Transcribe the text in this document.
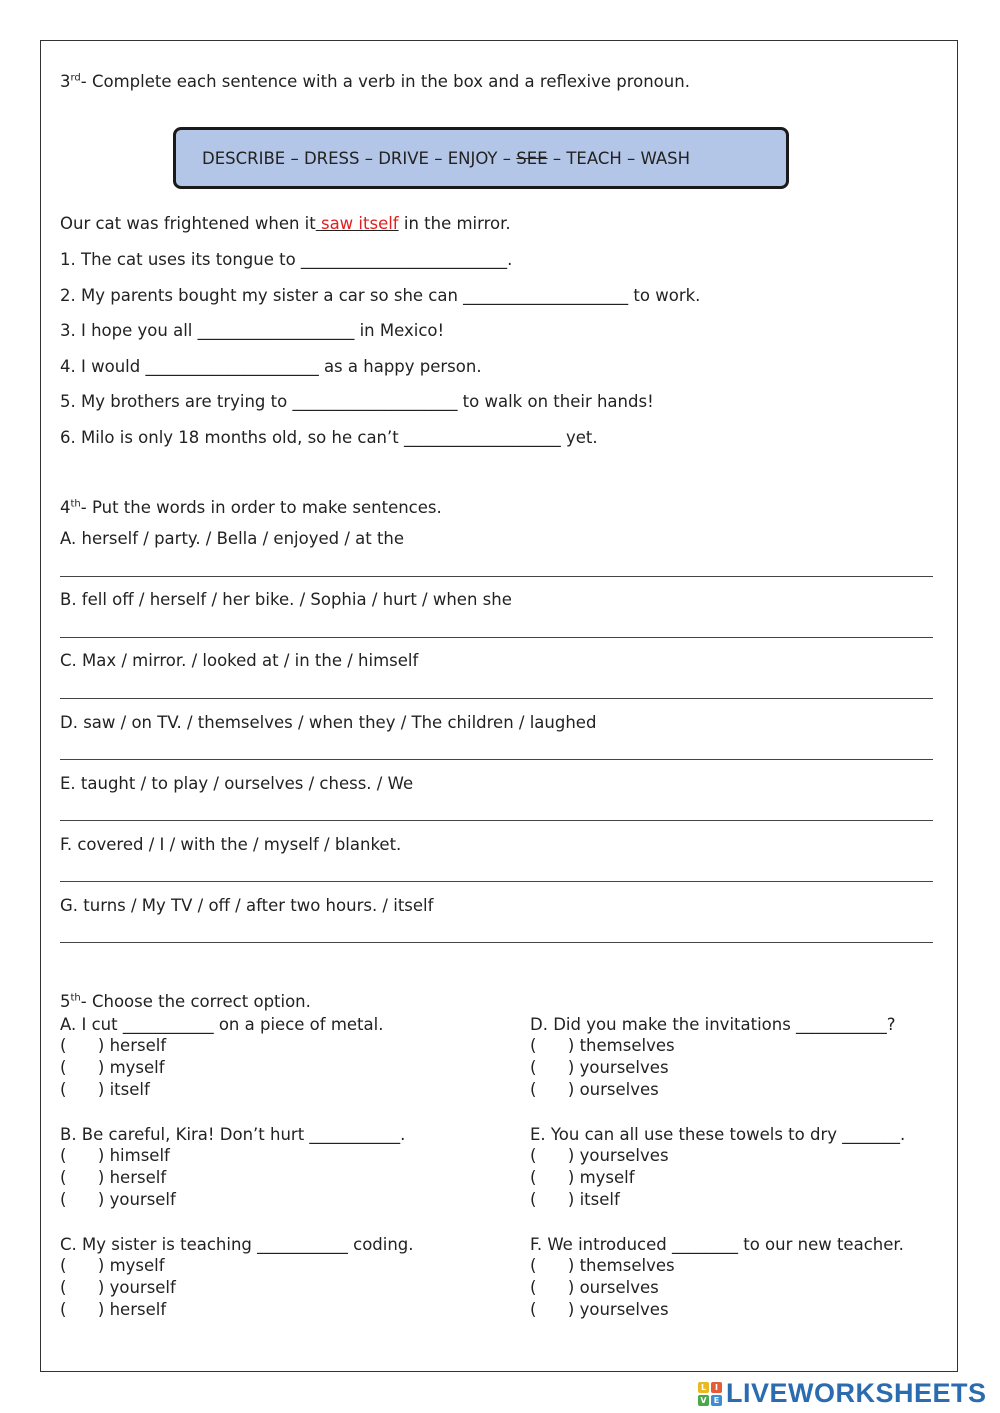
3rd- Complete each sentence with a verb in the box and a reflexive pronoun.
DESCRIBE – DRESS – DRIVE – ENJOY – SEE – TEACH – WASH
Our cat was frightened when it saw itself in the mirror.
1. The cat uses its tongue to _________________________.
2. My parents bought my sister a car so she can ____________________ to work.
3. I hope you all ___________________ in Mexico!
4. I would _____________________ as a happy person.
5. My brothers are trying to ____________________ to walk on their hands!
6. Milo is only 18 months old, so he can’t ___________________ yet.
4th- Put the words in order to make sentences.
A. herself / party. / Bella / enjoyed / at the
B. fell off / herself / her bike. / Sophia / hurt / when she
C. Max / mirror. / looked at / in the / himself
D. saw / on TV. / themselves / when they / The children / laughed
E. taught / to play / ourselves / chess. / We
F. covered / I / with the / myself / blanket.
G. turns / My TV / off / after two hours. / itself
5th- Choose the correct option.
A. I cut ___________ on a piece of metal.
(      ) herself
(      ) myself
(      ) itself
B. Be careful, Kira! Don’t hurt ___________.
(      ) himself
(      ) herself
(      ) yourself
C. My sister is teaching ___________ coding.
(      ) myself
(      ) yourself
(      ) herself
D. Did you make the invitations ___________?
(      ) themselves
(      ) yourselves
(      ) ourselves
E. You can all use these towels to dry _______.
(      ) yourselves
(      ) myself
(      ) itself
F. We introduced ________ to our new teacher.
(      ) themselves
(      ) ourselves
(      ) yourselves
L	I
V E LIVEWORKSHEETS
